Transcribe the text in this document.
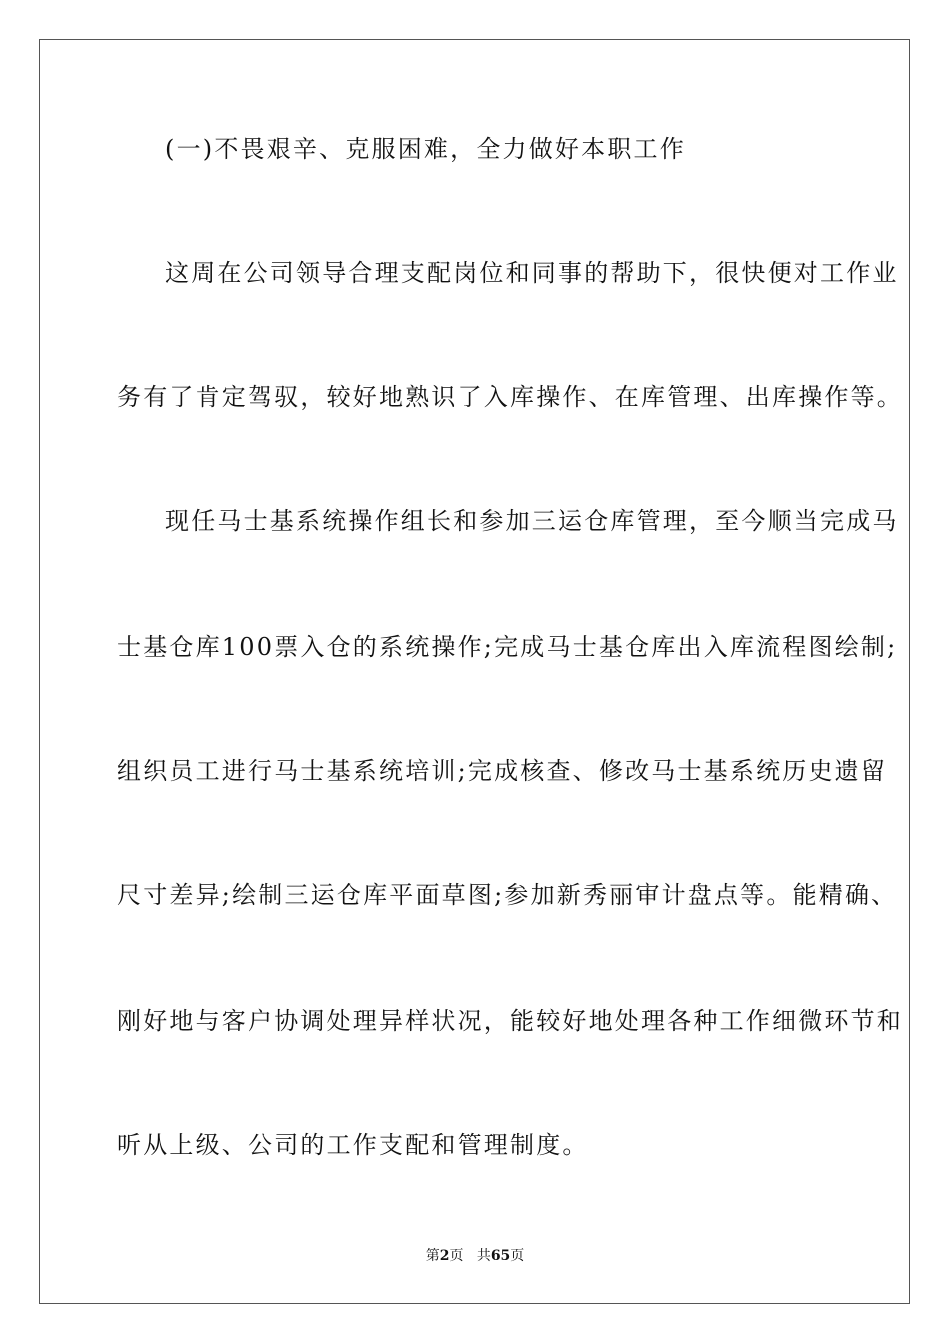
(一)不畏艰辛、克服困难，全力做好本职工作
这周在公司领导合理支配岗位和同事的帮助下，很快便对工作业
务有了肯定驾驭，较好地熟识了入库操作、在库管理、出库操作等。
现任马士基系统操作组长和参加三运仓库管理，至今顺当完成马
士基仓库100票入仓的系统操作;完成马士基仓库出入库流程图绘制;
组织员工进行马士基系统培训;完成核查、修改马士基系统历史遗留
尺寸差异;绘制三运仓库平面草图;参加新秀丽审计盘点等。能精确、
刚好地与客户协调处理异样状况，能较好地处理各种工作细微环节和
听从上级、公司的工作支配和管理制度。
第2页 共65页
